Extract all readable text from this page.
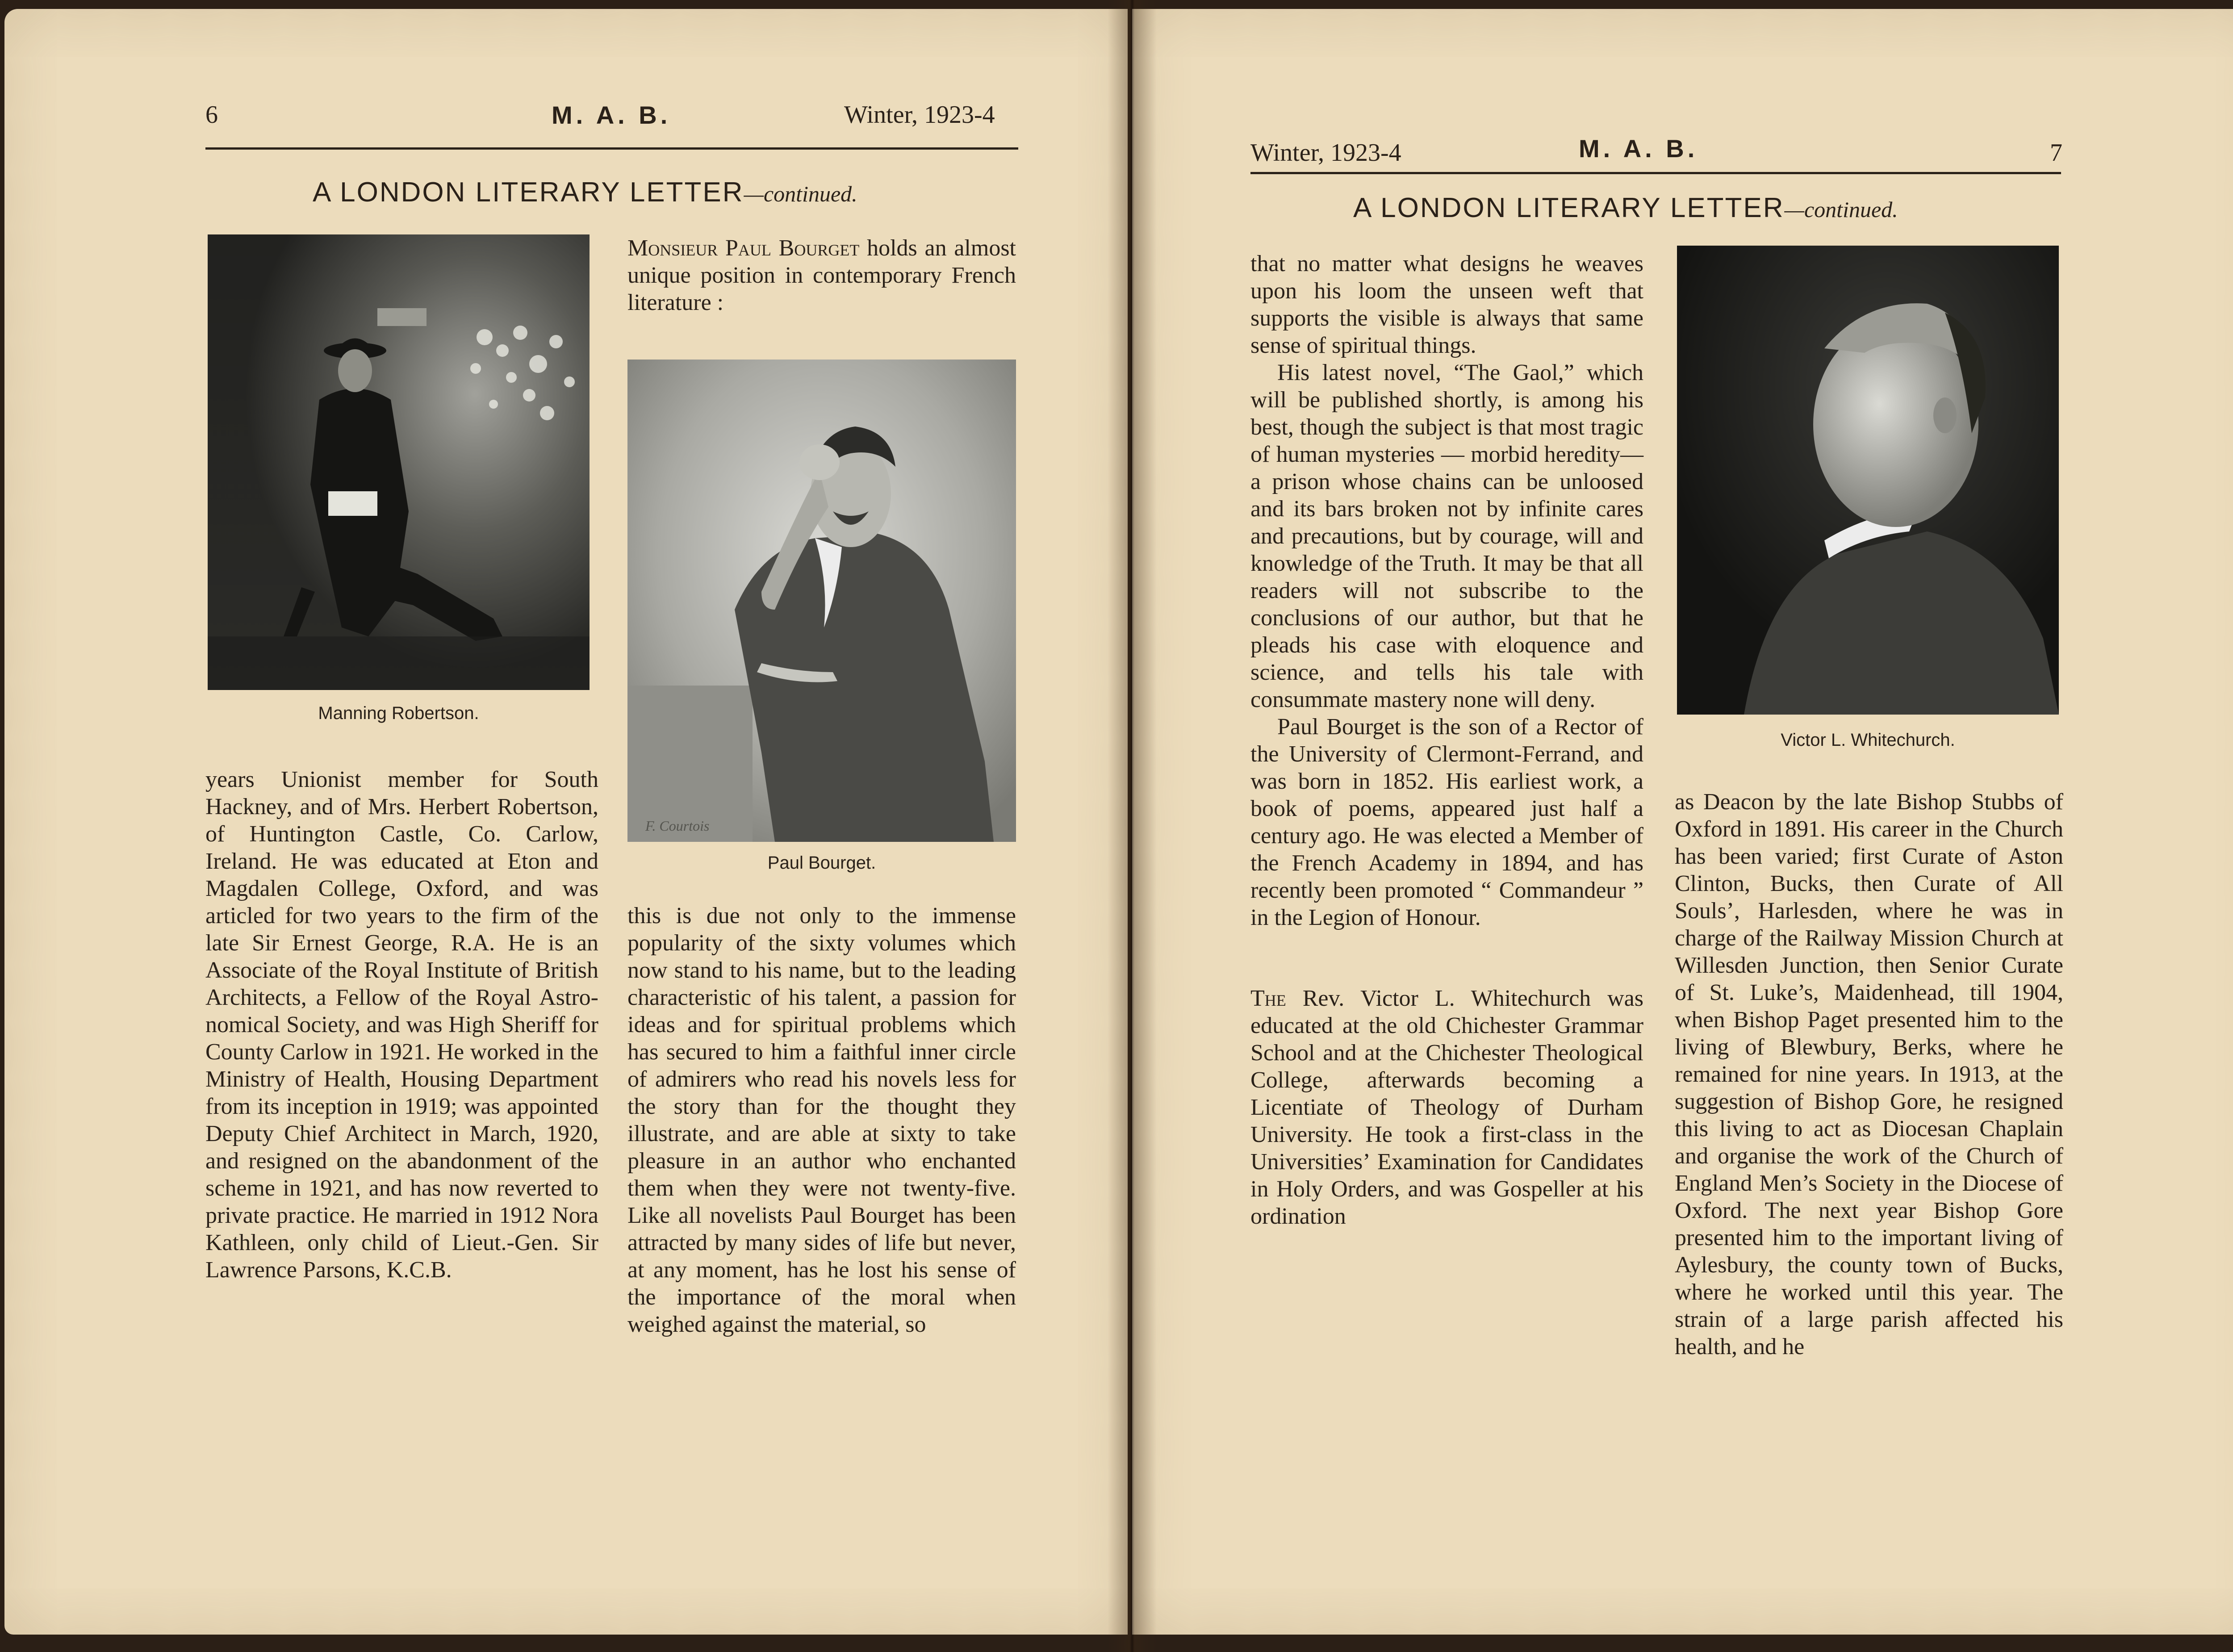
6	M. A. B.	Winter, 1923-4
A LONDON LITERARY LETTER—continued.
Manning Robertson.
F. Courtois
Paul Bourget.

years Unionist member for South Hackney, and of Mrs. Herbert Robertson, of Huntington Castle, Co. Carlow, Ireland. He was educated at Eton and Magdalen College, Oxford, and was articled for two years to the firm of the late Sir Ernest George, R.A. He is an Associate of the Royal Institute of British Architects, a Fellow of the Royal Astronomical Society, and was High Sheriff for County Carlow in 1921. He worked in the Ministry of Health, Housing Department from its inception in 1919; was appointed Deputy Chief Architect in March, 1920, and resigned on the abandonment of the scheme in 1921, and has now reverted to private practice. He married in 1912 Nora Kathleen, only child of Lieut.-Gen. Sir Lawrence Parsons, K.C.B.

Monsieur Paul Bourget holds an almost unique position in contemporary French literature :

this is due not only to the immense popularity of the sixty volumes which now stand to his name, but to the leading characteristic of his talent, a passion for ideas and for spiritual problems which has secured to him a faithful inner circle of admirers who read his novels less for the story than for the thought they illustrate, and are able at sixty to take pleasure in an author who enchanted them when they were not twenty-five. Like all novelists Paul Bourget has been attracted by many sides of life but never, at any moment, has he lost his sense of the importance of the moral when weighed against the material, so

Winter, 1923-4	M. A. B.	7
A LONDON LITERARY LETTER—continued.

that no matter what designs he weaves upon his loom the unseen weft that supports the visible is always that same sense of spiritual things.

His latest novel, “The Gaol,” which will be published shortly, is among his best, though the subject is that most tragic of human mysteries — morbid heredity—a prison whose chains can be unloosed and its bars broken not by infinite cares and precautions, but by courage, will and knowledge of the Truth. It may be that all readers will not subscribe to the conclusions of our author, but that he pleads his case with eloquence and science, and tells his tale with consummate mastery none will deny.

Paul Bourget is the son of a Rector of the University of Clermont-Ferrand, and was born in 1852. His earliest work, a book of poems, appeared just half a century ago. He was elected a Member of the French Academy in 1894, and has recently been promoted “ Commandeur ” in the Legion of Honour.

The Rev. Victor L. Whitechurch was educated at the old Chichester Grammar School and at the Chichester Theological College, afterwards becoming a Licentiate of Theology of Durham University. He took a first-class in the Universities’ Examination for Candidates in Holy Orders, and was Gospeller at his ordination

Victor L. Whitechurch.

as Deacon by the late Bishop Stubbs of Oxford in 1891. His career in the Church has been varied; first Curate of Aston Clinton, Bucks, then Curate of All Souls’, Harlesden, where he was in charge of the Railway Mission Church at Willesden Junction, then Senior Curate of St. Luke’s, Maidenhead, till 1904, when Bishop Paget presented him to the living of Blewbury, Berks, where he remained for nine years. In 1913, at the suggestion of Bishop Gore, he resigned this living to act as Diocesan Chaplain and organise the work of the Church of England Men’s Society in the Diocese of Oxford. The next year Bishop Gore presented him to the important living of Aylesbury, the county town of Bucks, where he worked until this year. The strain of a large parish affected his health, and he
